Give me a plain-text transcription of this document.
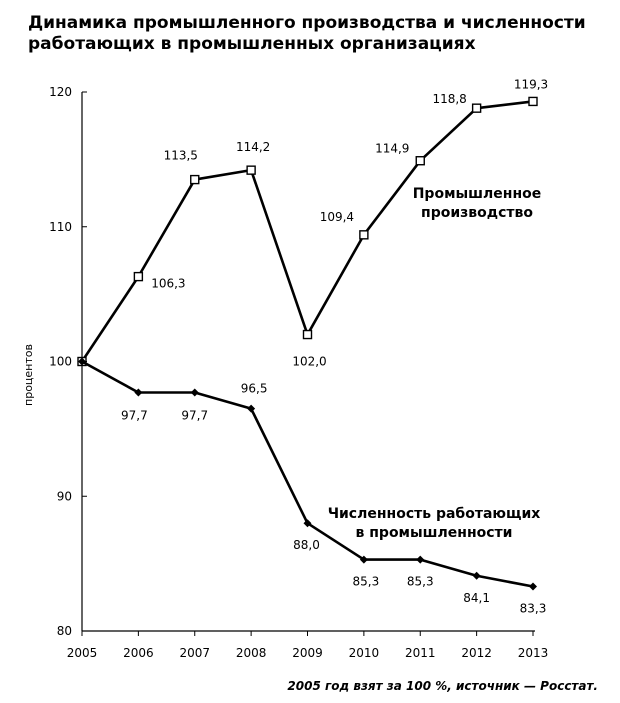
Динамика промышленного производства и численности
работающих в промышленных организациях
80
90
100
110
120
2005 2006 2007 2008 2009 2010 2011 2012 2013
процентов
106,3
113,5
114,2
102,0
109,4
114,9
118,8
119,3
97,7	97,7
96,5
88,0
85,3 85,3
84,1
83,3
Промышленное
производство
Численность работающих
в промышленности
2005 год взят за 100 %, источник — Росстат.
